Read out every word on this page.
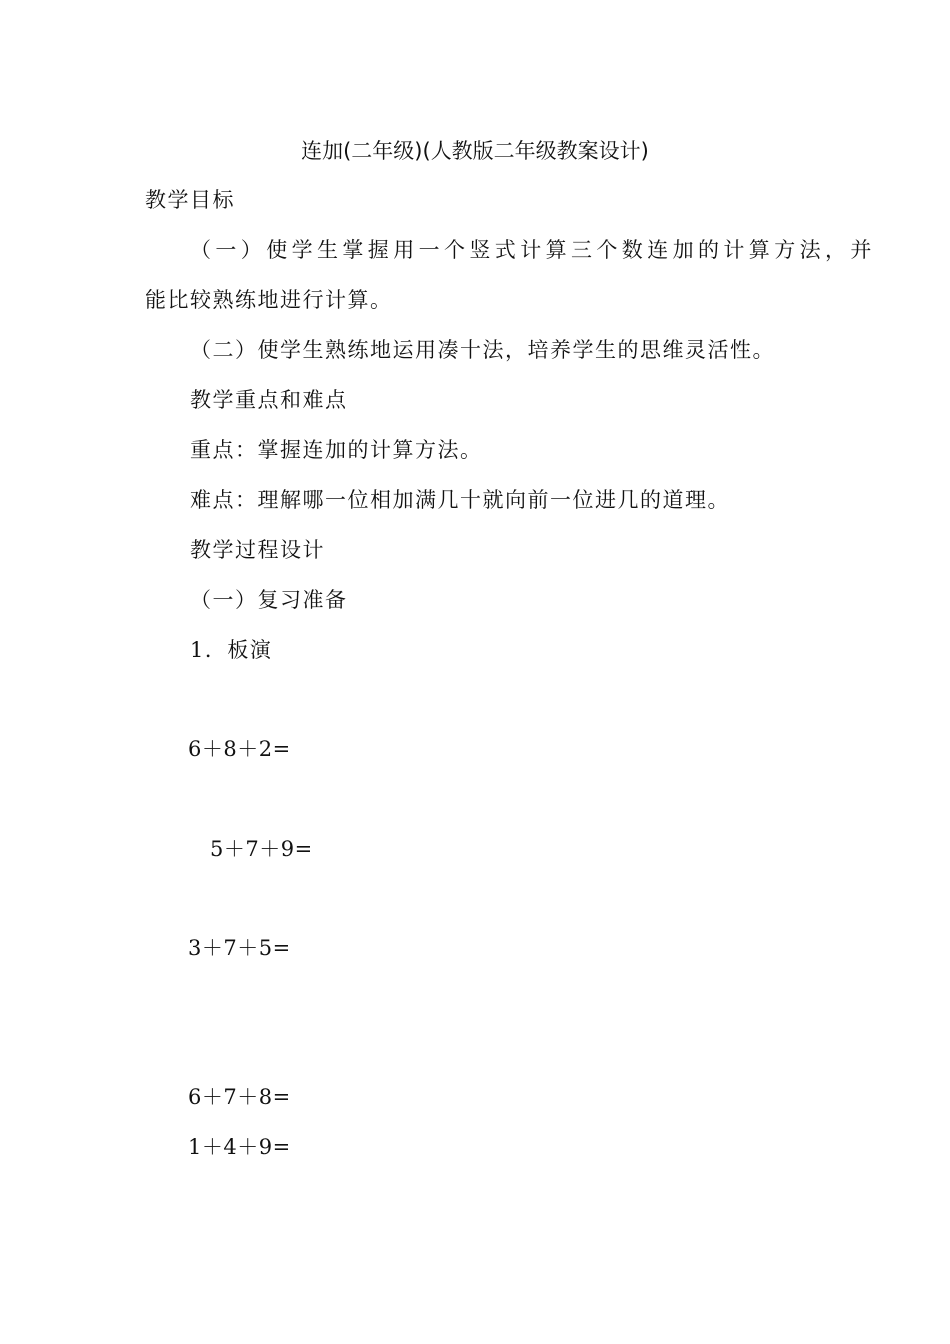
连加(二年级)(人教版二年级教案设计)
教学目标
（一）使学生掌握用一个竖式计算三个数连加的计算方法，并
能比较熟练地进行计算。
（二）使学生熟练地运用凑十法，培养学生的思维灵活性。
教学重点和难点
重点：掌握连加的计算方法。
难点：理解哪一位相加满几十就向前一位进几的道理。
教学过程设计
（一）复习准备
1．板演
6＋8＋2=
5＋7＋9=
3＋7＋5=
6＋7＋8=
1＋4＋9=
